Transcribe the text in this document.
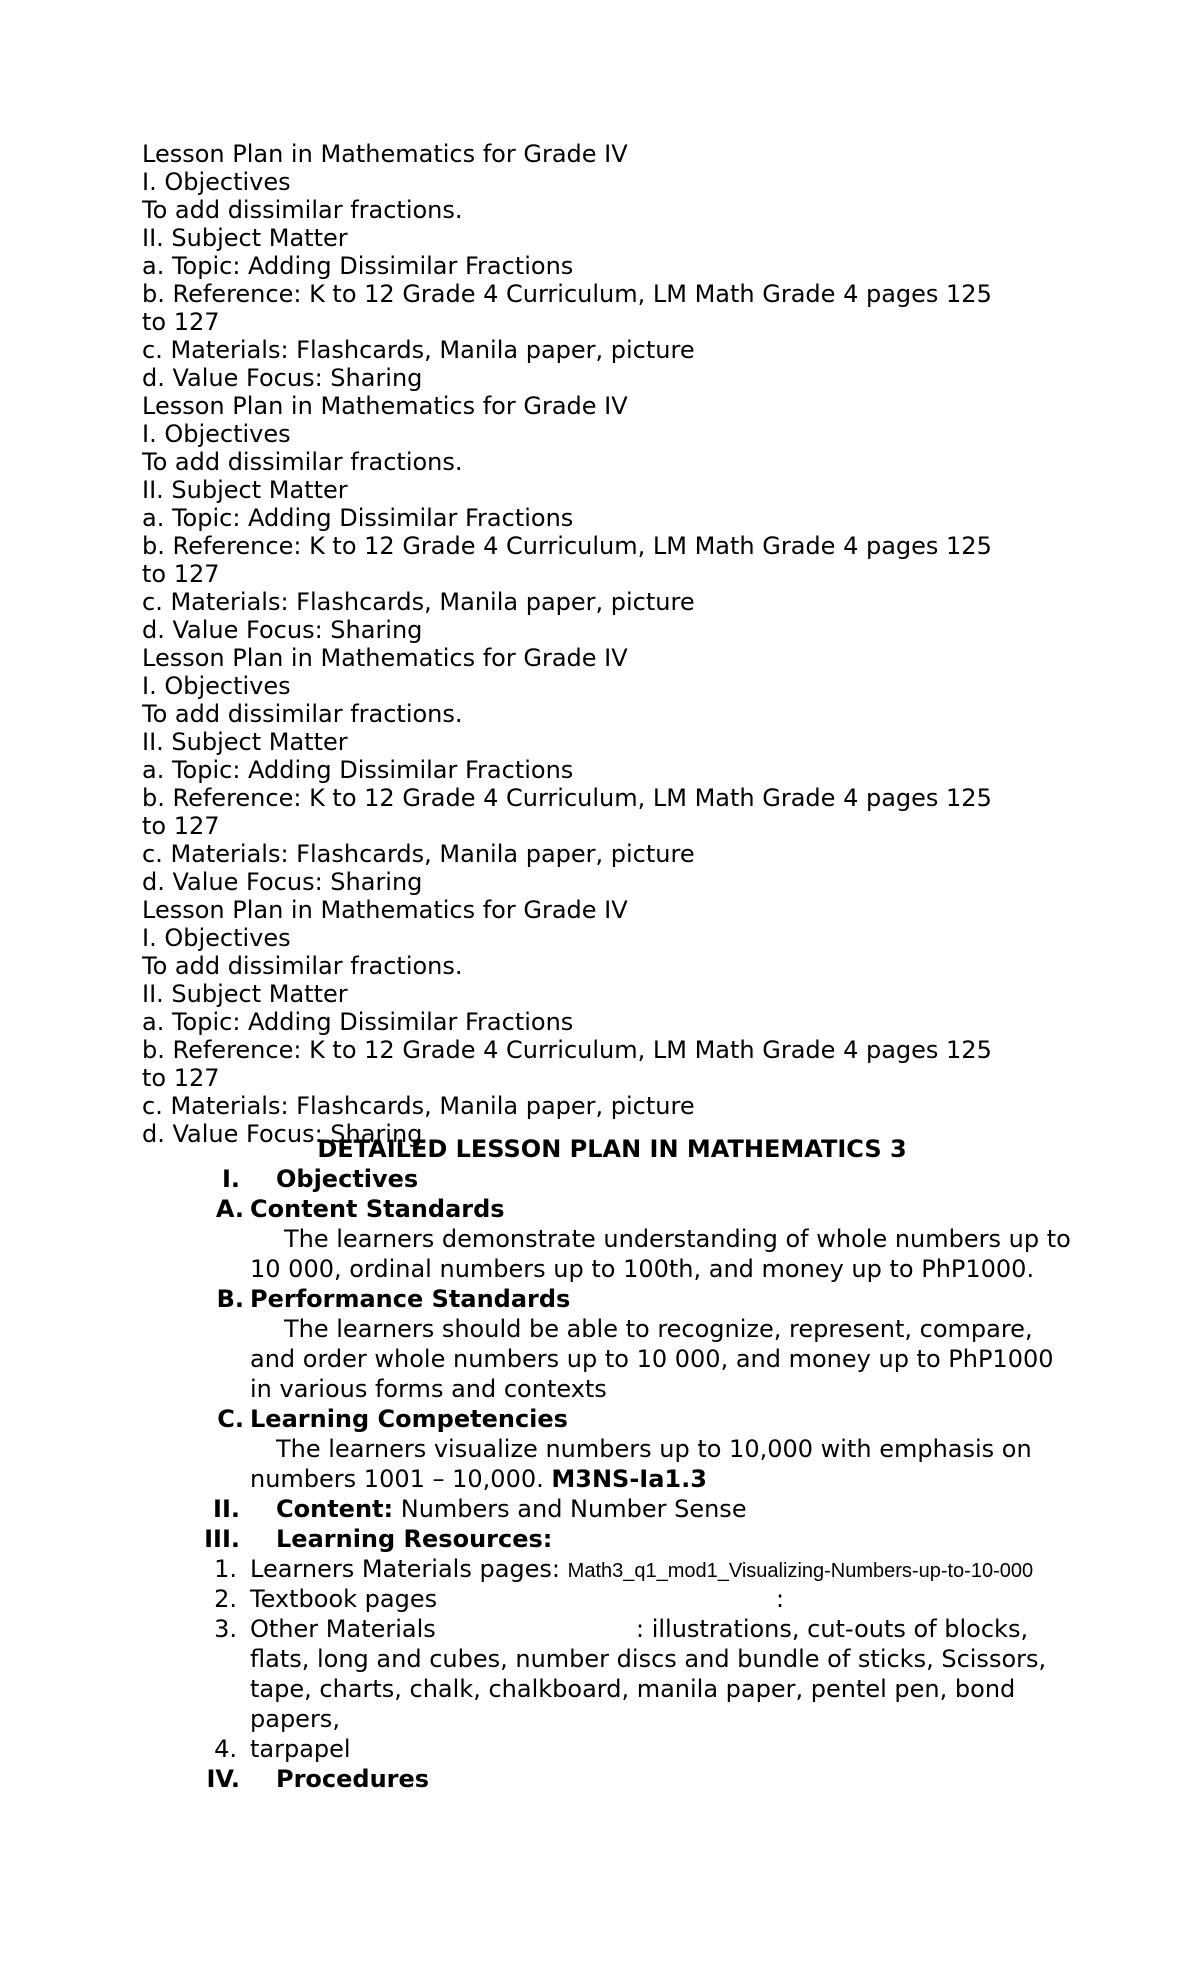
Lesson Plan in Mathematics for Grade IV
I. Objectives
To add dissimilar fractions.
II. Subject Matter
a. Topic: Adding Dissimilar Fractions
b. Reference: K to 12 Grade 4 Curriculum, LM Math Grade 4 pages 125
to 127
c. Materials: Flashcards, Manila paper, picture
d. Value Focus: Sharing
Lesson Plan in Mathematics for Grade IV
I. Objectives
To add dissimilar fractions.
II. Subject Matter
a. Topic: Adding Dissimilar Fractions
b. Reference: K to 12 Grade 4 Curriculum, LM Math Grade 4 pages 125
to 127
c. Materials: Flashcards, Manila paper, picture
d. Value Focus: Sharing
Lesson Plan in Mathematics for Grade IV
I. Objectives
To add dissimilar fractions.
II. Subject Matter
a. Topic: Adding Dissimilar Fractions
b. Reference: K to 12 Grade 4 Curriculum, LM Math Grade 4 pages 125
to 127
c. Materials: Flashcards, Manila paper, picture
d. Value Focus: Sharing
Lesson Plan in Mathematics for Grade IV
I. Objectives
To add dissimilar fractions.
II. Subject Matter
a. Topic: Adding Dissimilar Fractions
b. Reference: K to 12 Grade 4 Curriculum, LM Math Grade 4 pages 125
to 127
c. Materials: Flashcards, Manila paper, picture
d. Value Focus: Sharing
DETAILED LESSON PLAN IN MATHEMATICS 3
I. Objectives
A. Content Standards
The learners demonstrate understanding of whole numbers up to
10 000, ordinal numbers up to 100th, and money up to PhP1000.
B. Performance Standards
The learners should be able to recognize, represent, compare,
and order whole numbers up to 10 000, and money up to PhP1000
in various forms and contexts
C. Learning Competencies
The learners visualize numbers up to 10,000 with emphasis on
numbers 1001 – 10,000. M3NS-Ia1.3
II. Content: Numbers and Number Sense
III. Learning Resources:
1. Learners Materials pages: Math3_q1_mod1_Visualizing-Numbers-up-to-10-000
2. Textbook pages	:
3. Other Materials	: illustrations, cut-outs of blocks,
flats, long and cubes, number discs and bundle of sticks, Scissors,
tape, charts, chalk, chalkboard, manila paper, pentel pen, bond
papers,
4. tarpapel
IV. Procedures
